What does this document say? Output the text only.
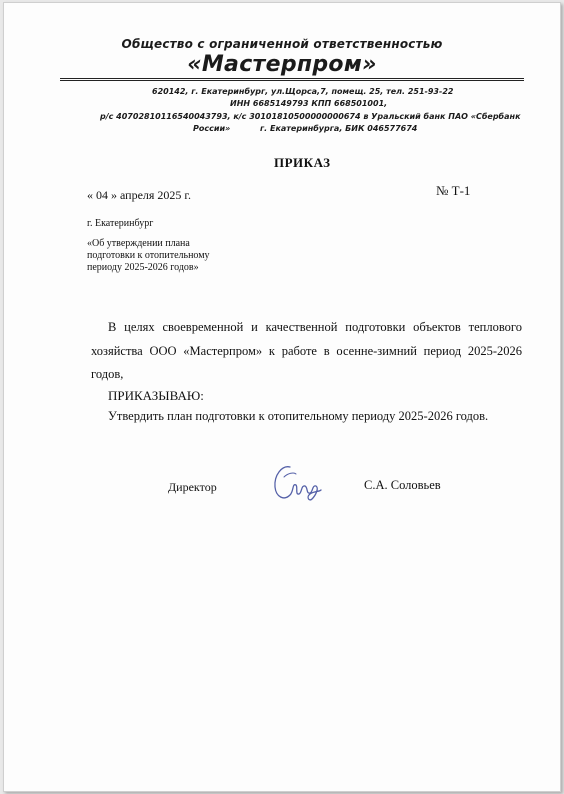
Общество с ограниченной ответственностью
«Мастерпром»
620142, г. Екатеринбург, ул.Щорса,7, помещ. 25, тел. 251-93-22
ИНН 6685149793 КПП 668501001,
р/с 40702810116540043793, к/с 30101810500000000674 в Уральский банк ПАО «Сбербанк
России»	г. Екатеринбурга, БИК 046577674
ПРИКАЗ
« 04 » апреля 2025 г.	№ Т-1
г. Екатеринбург
«Об утверждении плана
подготовки к отопительному
периоду 2025-2026 годов»
В целях своевременной и качественной подготовки объектов теплового
хозяйства ООО «Мастерпром» к работе в осенне-зимний период 2025-2026
годов,
ПРИКАЗЫВАЮ:
Утвердить план подготовки к отопительному периоду 2025-2026 годов.
Директор	С.А. Соловьев
